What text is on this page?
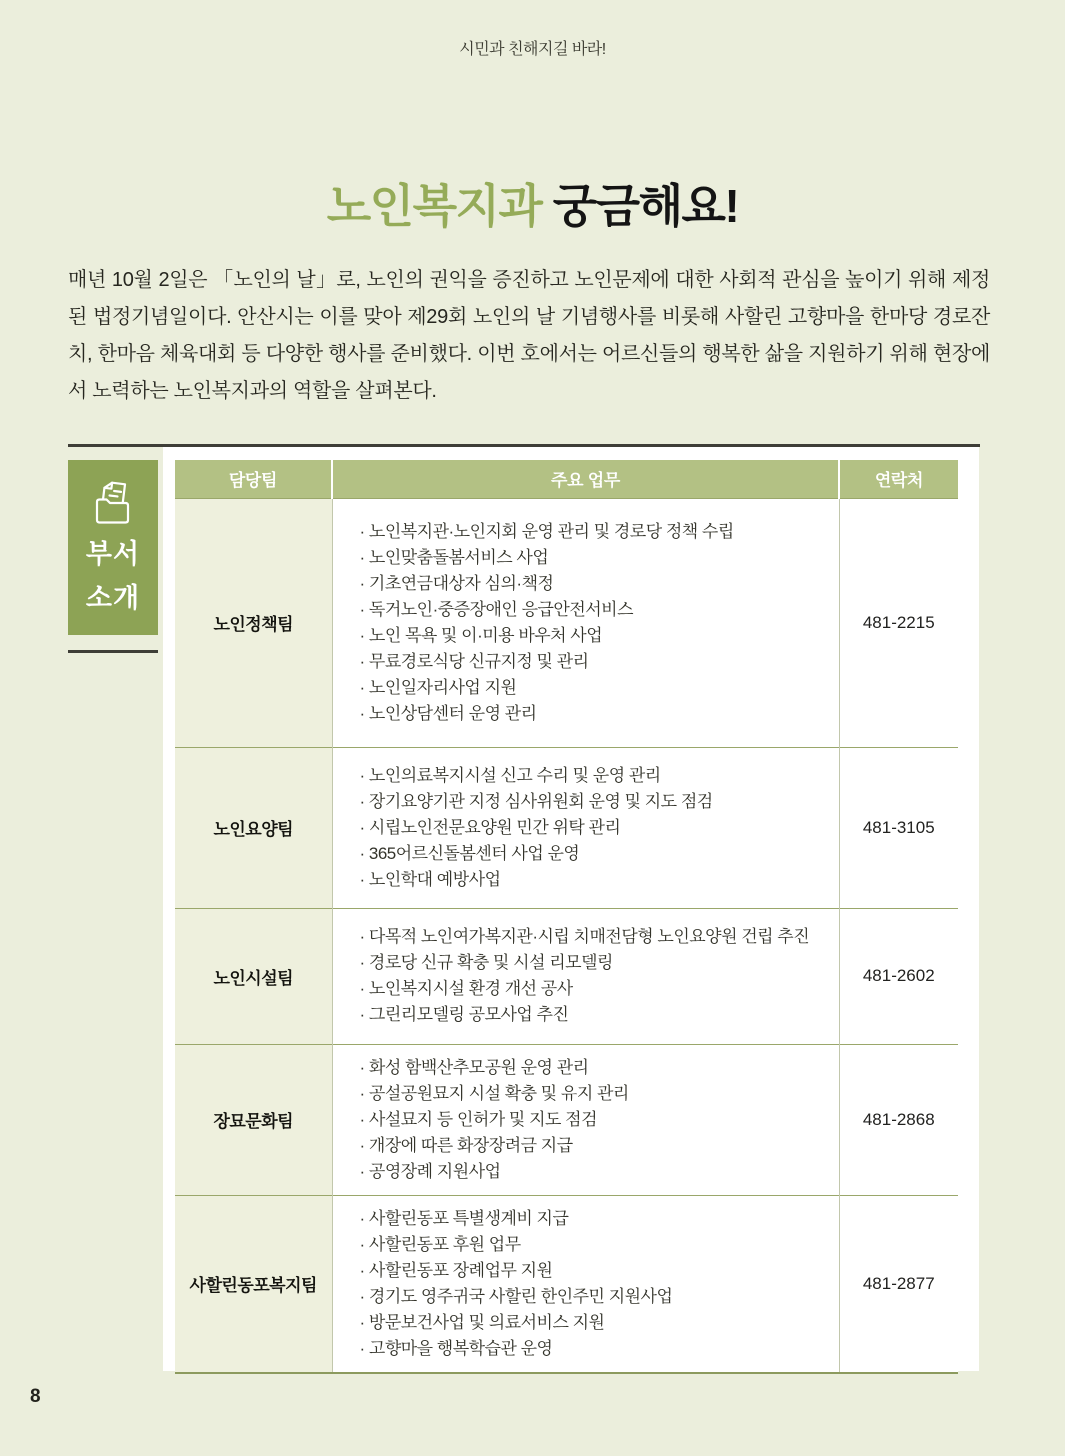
시민과 친해지길 바라!
노인복지과 궁금해요!
매년 10월 2일은 「노인의 날」로, 노인의 권익을 증진하고 노인문제에 대한 사회적 관심을 높이기 위해 제정된 법정기념일이다. 안산시는 이를 맞아 제29회 노인의 날 기념행사를 비롯해 사할린 고향마을 한마당 경로잔치, 한마음 체육대회 등 다양한 행사를 준비했다. 이번 호에서는 어르신들의 행복한 삶을 지원하기 위해 현장에서 노력하는 노인복지과의 역할을 살펴본다.
부서
소개
담당팀	주요 업무	연락처
노인정책팀	
· 노인복지관·노인지회 운영 관리 및 경로당 정책 수립
· 노인맞춤돌봄서비스 사업
· 기초연금대상자 심의·책정
· 독거노인·중증장애인 응급안전서비스
· 노인 목욕 및 이·미용 바우처 사업
· 무료경로식당 신규지정 및 관리
· 노인일자리사업 지원
· 노인상담센터 운영 관리
	481-2215
노인요양팀	· 노인의료복지시설 신고 수리 및 운영 관리
· 장기요양기관 지정 심사위원회 운영 및 지도 점검
· 시립노인전문요양원 민간 위탁 관리
· 365어르신돌봄센터 사업 운영
· 노인학대 예방사업	481-3105
노인시설팀	· 다목적 노인여가복지관·시립 치매전담형 노인요양원 건립 추진
· 경로당 신규 확충 및 시설 리모델링
· 노인복지시설 환경 개선 공사
· 그린리모델링 공모사업 추진	481-2602
장묘문화팀	· 화성 함백산추모공원 운영 관리
· 공설공원묘지 시설 확충 및 유지 관리
· 사설묘지 등 인허가 및 지도 점검
· 개장에 따른 화장장려금 지급
· 공영장례 지원사업	481-2868
사할린동포복지팀	
· 사할린동포 특별생계비 지급
· 사할린동포 후원 업무
· 사할린동포 장례업무 지원
· 경기도 영주귀국 사할린 한인주민 지원사업
· 방문보건사업 및 의료서비스 지원
· 고향마을 행복학습관 운영
	481-2877
8
